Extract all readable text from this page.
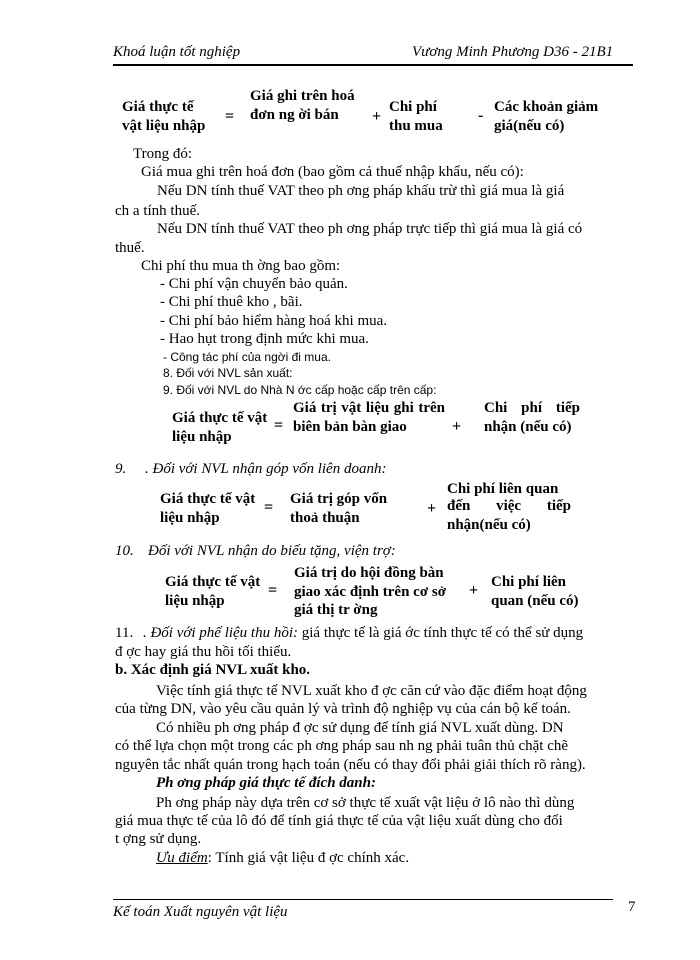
Khoá luận tốt nghiệp	Vương Minh Phương D36 - 21B1
Giá thực tế vật liệu nhập
=
Giá ghi trên hoá đơn ng ời bán	+
Chi phí thu mua
- Các khoản giảm giá(nếu có)
Trong đó:
Giá mua ghi trên hoá đơn (bao gồm cả thuế nhập khẩu, nếu có):
Nếu DN tính thuế VAT theo ph ơng pháp khấu trừ thì giá mua là giá
ch a tính thuế.
Nếu DN tính thuế VAT theo ph ơng pháp trực tiếp thì giá mua là giá có
thuế.
Chi phí thu mua th ờng bao gồm:
- Chi phí vận chuyển bảo quản.
- Chi phí thuê kho , bãi.
- Chi phí bảo hiểm hàng hoá khi mua.
- Hao hụt trong định mức khi mua.
- Công tác phí của ngời đi mua.
8. Đối với NVL sản xuất:
9. Đối với NVL do Nhà N ớc cấp hoặc cấp trên cấp:
Giá thực tế vật liệu nhập
=
Giá trị vật liệu ghi trên biên bản bàn giao	+
Chi phí tiếp nhận (nếu có)
9. . Đối với NVL nhận góp vốn liên doanh:
Giá thực tế vật liệu nhập
= Giá trị góp vốn thoả thuận
+
Chi phí liên quan
đến việc tiếp
nhận(nếu có)
10. Đối với NVL nhận do biếu tặng, viện trợ:
Giá thực tế vật liệu nhập
=
Giá trị do hội đồng bàn
giao xác định trên cơ sở
giá thị tr ờng
+ Chi phí liên quan (nếu có)
11. . Đối với phế liệu thu hồi: giá thực tế là giá ớc tính thực tế có thể sử dụng
đ ợc hay giá thu hồi tối thiểu.
b. Xác định giá NVL xuất kho.
Việc tính giá thực tế NVL xuất kho đ ợc căn cứ vào đặc điểm hoạt động
của từng DN, vào yêu cầu quản lý và trình độ nghiệp vụ của cán bộ kế toán.
Có nhiều ph ơng pháp đ ợc sử dụng để tính giá NVL xuất dùng. DN
có thể lựa chọn một trong các ph ơng pháp sau nh ng phải tuân thủ chặt chẽ
nguyên tắc nhất quán trong hạch toán (nếu có thay đổi phải giải thích rõ ràng).
Ph ơng pháp giá thực tế đích danh:
Ph ơng pháp này dựa trên cơ sở thực tế xuất vật liệu ở lô nào thì dùng
giá mua thực tế của lô đó để tính giá thực tế của vật liệu xuất dùng cho đối
t ợng sử dụng.
Ưu điểm: Tính giá vật liệu đ ợc chính xác.
Kế toán Xuất nguyên vật liệu	7
